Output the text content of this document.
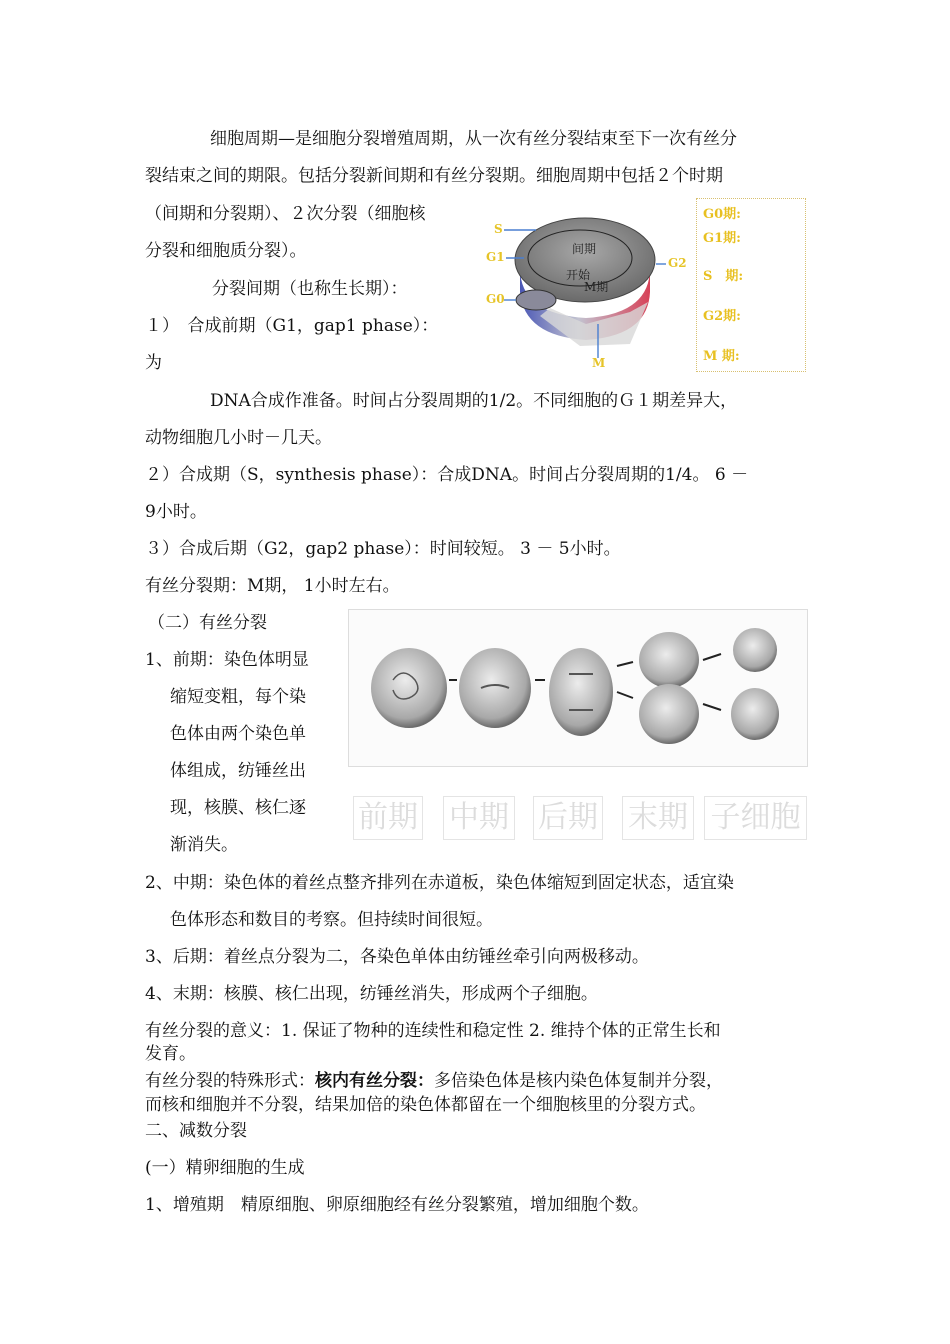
细胞周期—是细胞分裂增殖周期，从一次有丝分裂结束至下一次有丝分
裂结束之间的期限。包括分裂新间期和有丝分裂期。细胞周期中包括２个时期
（间期和分裂期）、２次分裂（细胞核
分裂和细胞质分裂）。
分裂间期（也称生长期）：
１）　合成前期（G1，gap1 phase）：
为
DNA合成作准备。时间占分裂周期的1/2。不同细胞的Ｇ１期差异大，
动物细胞几小时－几天。
２）合成期（S，synthesis phase）：合成DNA。时间占分裂周期的1/4。 6 －
9小时。
３）合成后期（G2，gap2 phase）：时间较短。 3 － 5小时。
有丝分裂期：M期， 1小时左右。
S
G1	G2
G0
M
间期
开始
M期
G0期:
G1期:
S　期:
G2期:
M 期:
（二）有丝分裂
1、前期：染色体明显
缩短变粗，每个染
色体由两个染色单
体组成，纺锤丝出
现，核膜、核仁逐
渐消失。
前期 中期 后期 末期 子细胞
2、中期：染色体的着丝点整齐排列在赤道板，染色体缩短到固定状态，适宜染
色体形态和数目的考察。但持续时间很短。
3、后期：着丝点分裂为二，各染色单体由纺锤丝牵引向两极移动。
4、末期：核膜、核仁出现，纺锤丝消失，形成两个子细胞。
有丝分裂的意义：1. 保证了物种的连续性和稳定性 2. 维持个体的正常生长和
发育。
有丝分裂的特殊形式：核内有丝分裂：多倍染色体是核内染色体复制并分裂，
而核和细胞并不分裂，结果加倍的染色体都留在一个细胞核里的分裂方式。
二、减数分裂
(一）精卵细胞的生成
1、增殖期　精原细胞、卵原细胞经有丝分裂繁殖，增加细胞个数。
